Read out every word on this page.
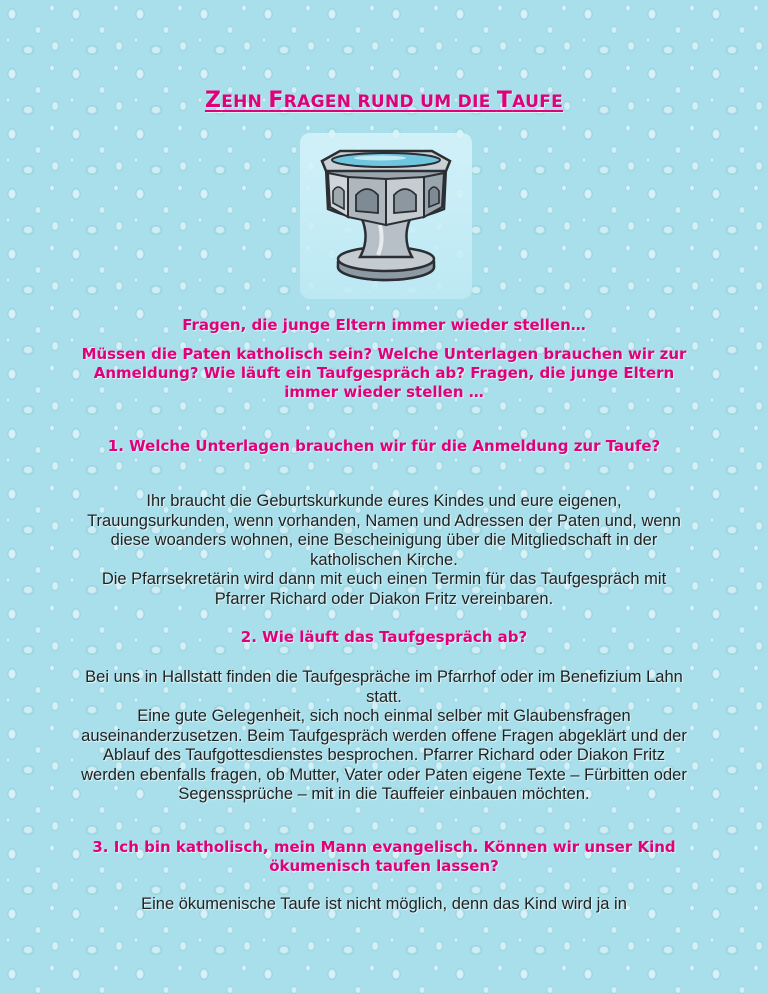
ZEHN FRAGEN RUND UM DIE TAUFE
Fragen, die junge Eltern immer wieder stellen…
Müssen die Paten katholisch sein? Welche Unterlagen brauchen wir zur Anmeldung? Wie läuft ein Taufgespräch ab? Fragen, die junge Eltern immer wieder stellen …
1. Welche Unterlagen brauchen wir für die Anmeldung zur Taufe?
Ihr braucht die Geburtskurkunde eures Kindes und eure eigenen, Trauungsurkunden, wenn vorhanden, Namen und Adressen der Paten und, wenn diese woanders wohnen, eine Bescheinigung über die Mitgliedschaft in der katholischen Kirche.
Die Pfarrsekretärin wird dann mit euch einen Termin für das Taufgespräch mit Pfarrer Richard oder Diakon Fritz vereinbaren.
2. Wie läuft das Taufgespräch ab?
Bei uns in Hallstatt finden die Taufgespräche im Pfarrhof oder im Benefizium Lahn statt.
Eine gute Gelegenheit, sich noch einmal selber mit Glaubensfragen auseinanderzusetzen. Beim Taufgespräch werden offene Fragen abgeklärt und der Ablauf des Taufgottesdienstes besprochen. Pfarrer Richard oder Diakon Fritz werden ebenfalls fragen, ob Mutter, Vater oder Paten eigene Texte – Fürbitten oder Segenssprüche – mit in die Tauffeier einbauen möchten.
3. Ich bin katholisch, mein Mann evangelisch. Können wir unser Kind ökumenisch taufen lassen?
Eine ökumenische Taufe ist nicht möglich, denn das Kind wird ja in
